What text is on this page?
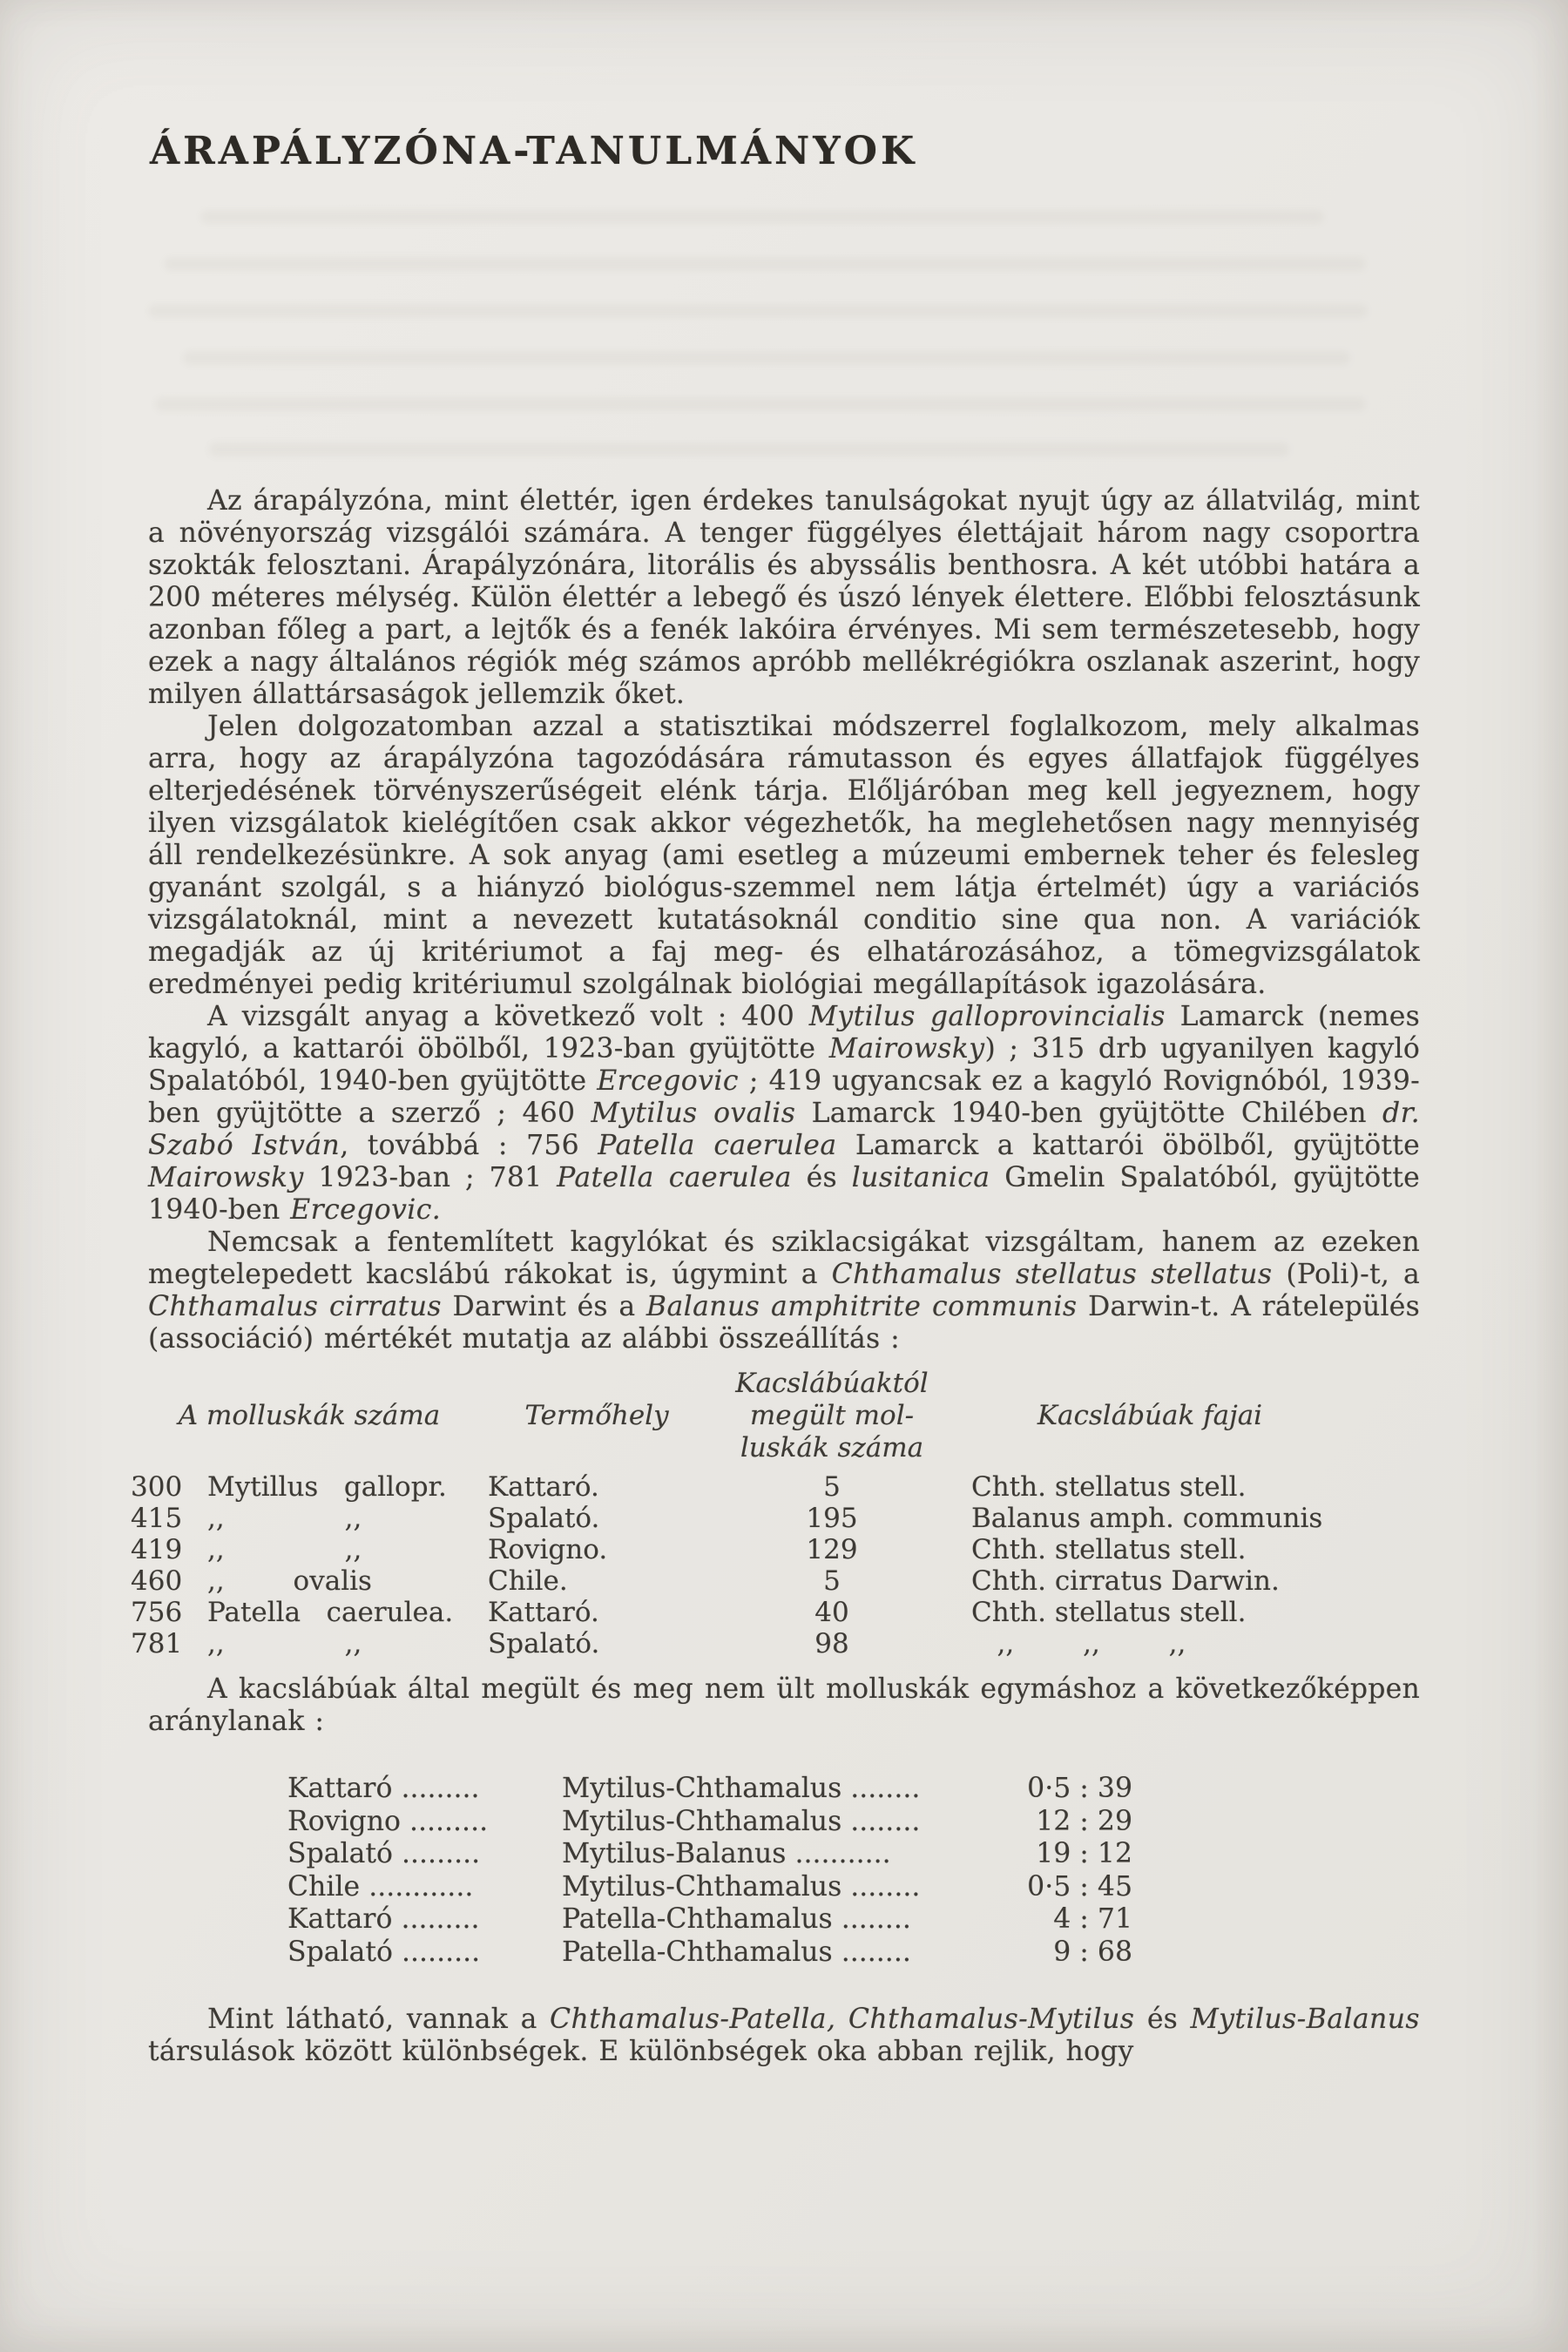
ÁRAPÁLYZÓNA-TANULMÁNYOK

Az árapályzóna, mint élettér, igen érdekes tanulságokat nyujt úgy az állatvilág, mint a növényország vizsgálói számára. A tenger függélyes élettájait három nagy csoportra szokták felosztani. Árapályzónára, litorális és abyssális benthosra. A két utóbbi határa a 200 méteres mélység. Külön élettér a lebegő és úszó lények élettere. Előbbi felosztásunk azonban főleg a part, a lejtők és a fenék lakóira érvényes. Mi sem természetesebb, hogy ezek a nagy általános régiók még számos apróbb mellékrégiókra oszlanak aszerint, hogy milyen állattársaságok jellemzik őket.

Jelen dolgozatomban azzal a statisztikai módszerrel foglalkozom, mely alkalmas arra, hogy az árapályzóna tagozódására rámutasson és egyes állatfajok függélyes elterjedésének törvényszerűségeit elénk tárja. Előljáróban meg kell jegyeznem, hogy ilyen vizsgálatok kielégítően csak akkor végezhetők, ha meglehetősen nagy mennyiség áll rendelkezésünkre. A sok anyag (ami esetleg a múzeumi embernek teher és felesleg gyanánt szolgál, s a hiányzó biológus-szemmel nem látja értelmét) úgy a variációs vizsgálatoknál, mint a nevezett kutatásoknál conditio sine qua non. A variációk megadják az új kritériumot a faj meg- és elhatározásához, a tömegvizsgálatok eredményei pedig kritériumul szolgálnak biológiai megállapítások igazolására.

A vizsgált anyag a következő volt : 400 Mytilus galloprovincialis Lamarck (nemes kagyló, a kattarói öbölből, 1923-ban gyüjtötte Mairowsky) ; 315 drb ugyanilyen kagyló Spalatóból, 1940-ben gyüjtötte Ercegovic ; 419 ugyancsak ez a kagyló Rovignóból, 1939-ben gyüjtötte a szerző ; 460 Mytilus ovalis Lamarck 1940-ben gyüjtötte Chilében dr. Szabó István, továbbá : 756 Patella caerulea Lamarck a kattarói öbölből, gyüjtötte Mairowsky 1923-ban ; 781 Patella caerulea és lusitanica Gmelin Spalatóból, gyüjtötte 1940-ben Ercegovic.

Nemcsak a fentemlített kagylókat és sziklacsigákat vizsgáltam, hanem az ezeken megtelepedett kacslábú rákokat is, úgymint a Chthamalus stellatus stellatus (Poli)-t, a Chthamalus cirratus Darwint és a Balanus amphitrite communis Darwin-t. A rátelepülés (associáció) mértékét mutatja az alábbi összeállítás :

A molluskák száma	Termőhely
Kacslábúaktól
megült mol-
luskák száma
Kacslábúak fajai
300 Mytillus   gallopr.	Kattaró.	5	Chth. stellatus stell.
415 ,,              ,,	Spalató.	195	Balanus amph. communis
419 ,,              ,,	Rovigno.	129	Chth. stellatus stell.
460 ,,        ovalis	Chile.	5	Chth. cirratus Darwin.
756 Patella   caerulea.	Kattaró.	40	Chth. stellatus stell.
781 ,,              ,,	Spalató.	98	,,        ,,        ,,

A kacslábúak által megült és meg nem ült molluskák egymáshoz a következőképpen aránylanak :

Kattaró .........	Mytilus-Chthamalus ........	0·5 : 39
Rovigno .........	Mytilus-Chthamalus ........	12 : 29
Spalató .........	Mytilus-Balanus ...........	19 : 12
Chile ............	Mytilus-Chthamalus ........	0·5 : 45
Kattaró .........	Patella-Chthamalus ........	4 : 71
Spalató .........	Patella-Chthamalus ........	9 : 68

Mint látható, vannak a Chthamalus-Patella, Chthamalus-Mytilus és Mytilus-Balanus társulások között különbségek. E különbségek oka abban rejlik, hogy
